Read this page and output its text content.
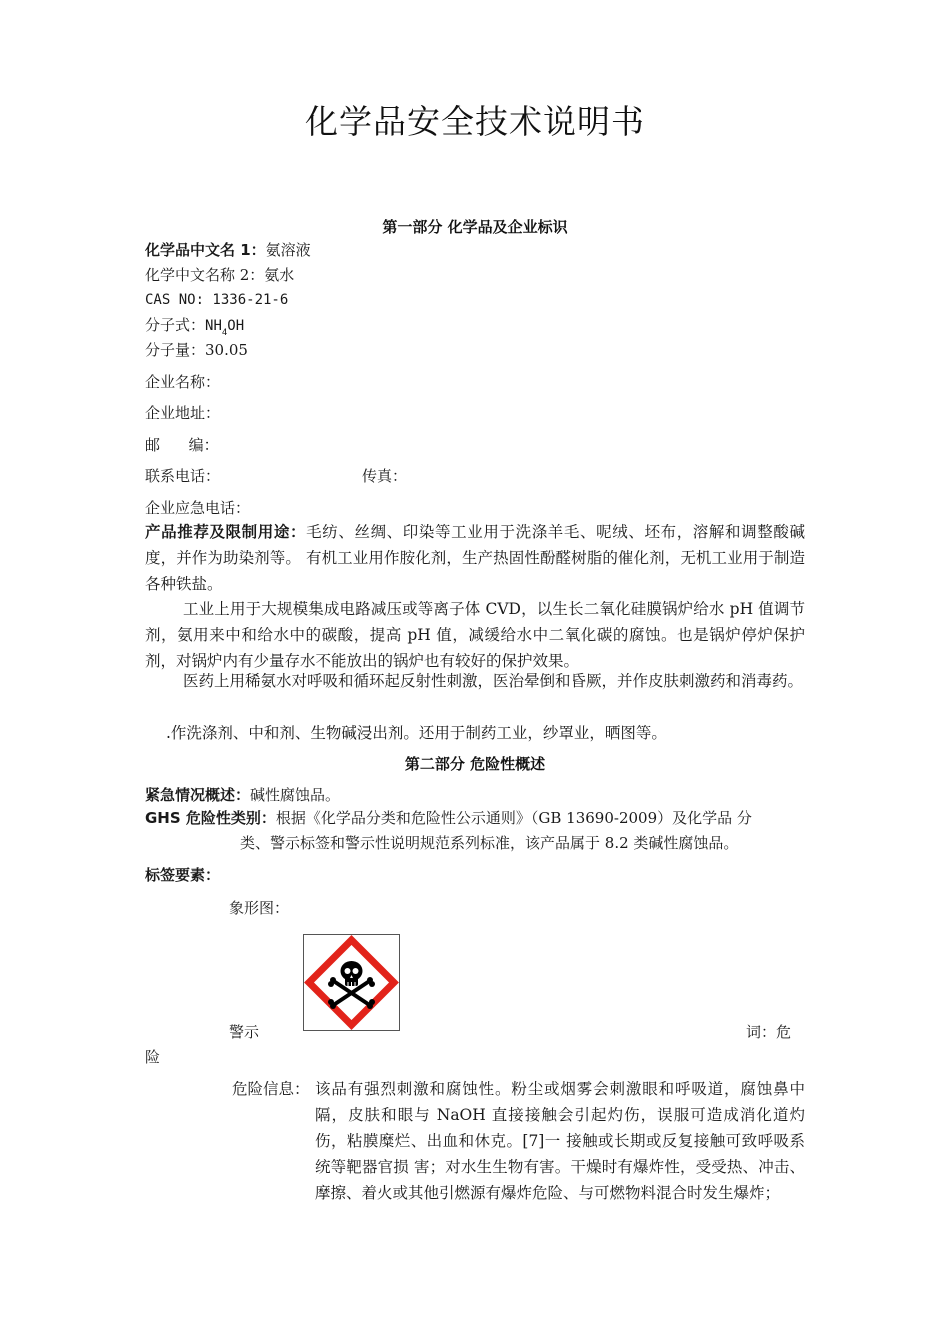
化学品安全技术说明书
第一部分 化学品及企业标识
化学品中文名 1：氨溶液
化学中文名称 2：氨水
CAS NO: 1336-21-6
分子式：$NH_4OH$
分子量：30.05
企业名称：
企业地址：
邮      编：
联系电话：	传真：
企业应急电话：
产品推荐及限制用途：毛纺、丝绸、印染等工业用于洗涤羊毛、呢绒、坯布，溶解和调整酸碱度，并作为助染剂等。 有机工业用作胺化剂，生产热固性酚醛树脂的催化剂，无机工业用于制造各种铁盐。
工业上用于大规模集成电路减压或等离子体 CVD，以生长二氧化硅膜锅炉给水 pH 值调节剂，氨用来中和给水中的碳酸，提高 pH 值，减缓给水中二氧化碳的腐蚀。也是锅炉停炉保护剂，对锅炉内有少量存水不能放出的锅炉也有较好的保护效果。
医药上用稀氨水对呼吸和循环起反射性刺激，医治晕倒和昏厥，并作皮肤刺激药和消毒药。
.作洗涤剂、中和剂、生物碱浸出剂。还用于制药工业，纱罩业，晒图等。
第二部分 危险性概述
紧急情况概述：碱性腐蚀品。
GHS 危险性类别：根据《化学品分类和危险性公示通则》（GB 13690-2009）及化学品 分
类、警示标签和警示性说明规范系列标准，该产品属于 8.2 类碱性腐蚀品。
标签要素：
象形图：
警示	词：危
险
危险信息： 该品有强烈刺激和腐蚀性。粉尘或烟雾会刺激眼和呼吸道，腐蚀鼻中隔，皮肤和眼与 NaOH 直接接触会引起灼伤，误服可造成消化道灼伤，粘膜糜烂、出血和休克。[7]一 接触或长期或反复接触可致呼吸系统等靶器官损 害；对水生生物有害。干燥时有爆炸性，受受热、冲击、摩擦、着火或其他引燃源有爆炸危险、与可燃物料混合时发生爆炸；
